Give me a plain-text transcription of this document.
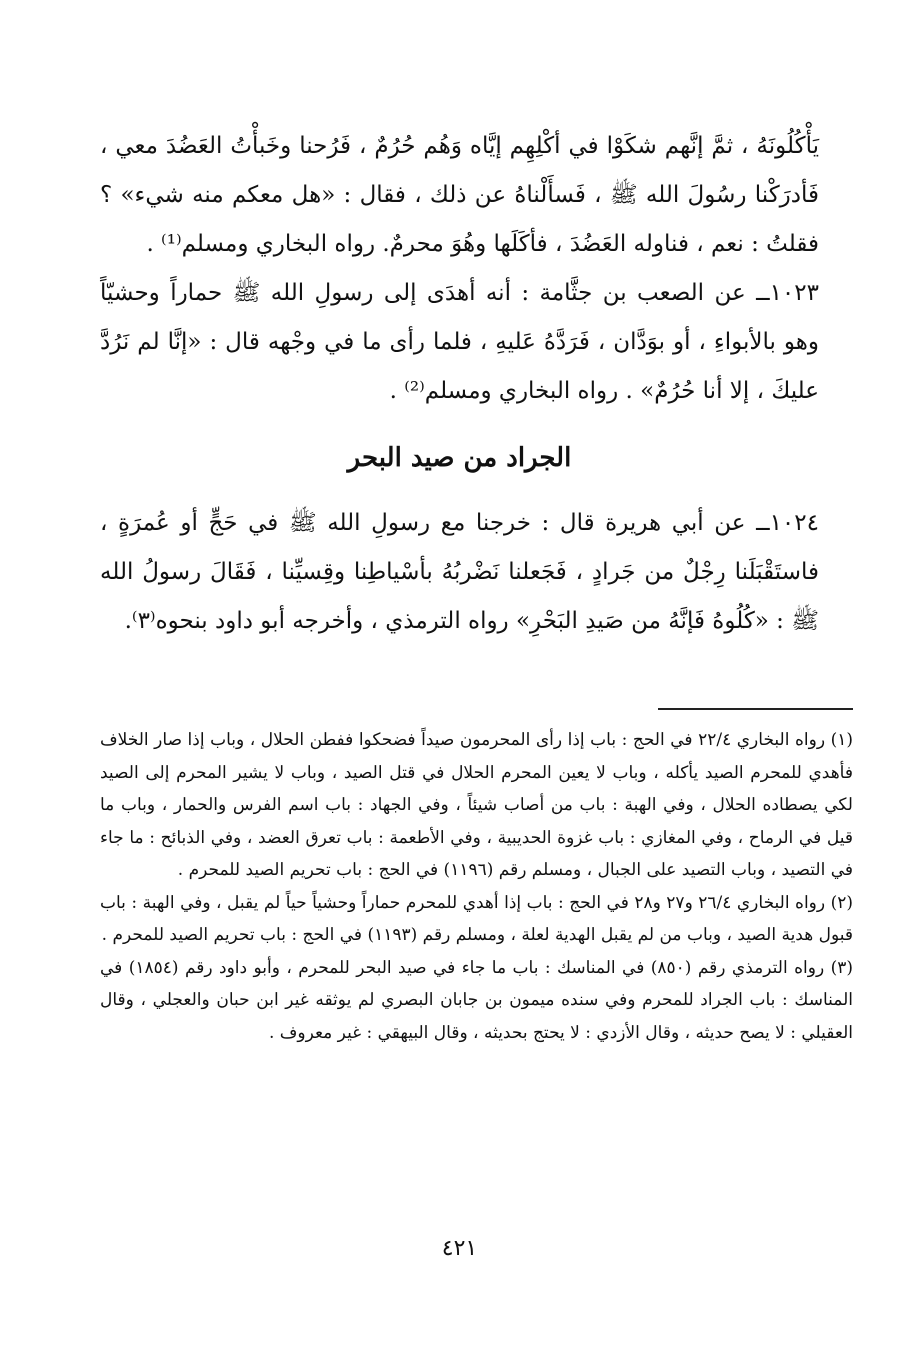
يَأْكُلُونَهُ ، ثمَّ إنَّهم شكَوْا في أكْلِهِم إيَّاه وَهُم حُرُمٌ ، فَرُحنا وخَبأْتُ العَضُدَ معي ، فَأدرَكْنا رسُولَ الله ﷺ ، فَسأَلْناهُ عن ذلك ، فقال : «هل معكم منه شيء» ؟ فقلتُ : نعم ، فناوله العَضُدَ ، فأكَلَها وهُوَ محرمٌ. رواه البخاري ومسلم⁽¹⁾ .

١٠٢٣ــ عن الصعب بن جثَّامة : أنه أهدَى إلى رسولِ الله ﷺ حماراً وحشيّاً وهو بالأبواءِ ، أو بوَدَّان ، فَرَدَّهُ عَليهِ ، فلما رأى ما في وجْهه قال : «إنَّا لم نَرُدَّ عليكَ ، إلا أنا حُرُمٌ» . رواه البخاري ومسلم⁽²⁾ .

الجراد من صيد البحر

١٠٢٤ــ عن أبي هريرة قال : خرجنا مع رسولِ الله ﷺ في حَجٍّ أو عُمرَةٍ ، فاستَقْبَلَنا رِجْلٌ من جَرادٍ ، فَجَعلنا نَضْربُهُ بأسْياطِنا وقِسيِّنا ، فَقَالَ رسولُ الله ﷺ : «كُلُوهُ فَإنَّهُ من صَيدِ البَحْرِ» رواه الترمذي ، وأخرجه أبو داود بنحوه⁽٣⁾.

(١) رواه البخاري ٢٢/٤ في الحج : باب إذا رأى المحرمون صيداً فضحكوا ففطن الحلال ، وباب إذا صار الخلاف فأهدي للمحرم الصيد يأكله ، وباب لا يعين المحرم الحلال في قتل الصيد ، وباب لا يشير المحرم إلى الصيد لكي يصطاده الحلال ، وفي الهبة : باب من أصاب شيئاً ، وفي الجهاد : باب اسم الفرس والحمار ، وباب ما قيل في الرماح ، وفي المغازي : باب غزوة الحديبية ، وفي الأطعمة : باب تعرق العضد ، وفي الذبائح : ما جاء في التصيد ، وباب التصيد على الجبال ، ومسلم رقم (١١٩٦) في الحج : باب تحريم الصيد للمحرم .

(٢) رواه البخاري ٢٦/٤ و٢٧ و٢٨ في الحج : باب إذا أهدي للمحرم حماراً وحشياً حياً لم يقبل ، وفي الهبة : باب قبول هدية الصيد ، وباب من لم يقبل الهدية لعلة ، ومسلم رقم (١١٩٣) في الحج : باب تحريم الصيد للمحرم .

(٣) رواه الترمذي رقم (٨٥٠) في المناسك : باب ما جاء في صيد البحر للمحرم ، وأبو داود رقم (١٨٥٤) في المناسك : باب الجراد للمحرم وفي سنده ميمون بن جابان البصري لم يوثقه غير ابن حبان والعجلي ، وقال العقيلي : لا يصح حديثه ، وقال الأزدي : لا يحتج بحديثه ، وقال البيهقي : غير معروف .

٤٢١
